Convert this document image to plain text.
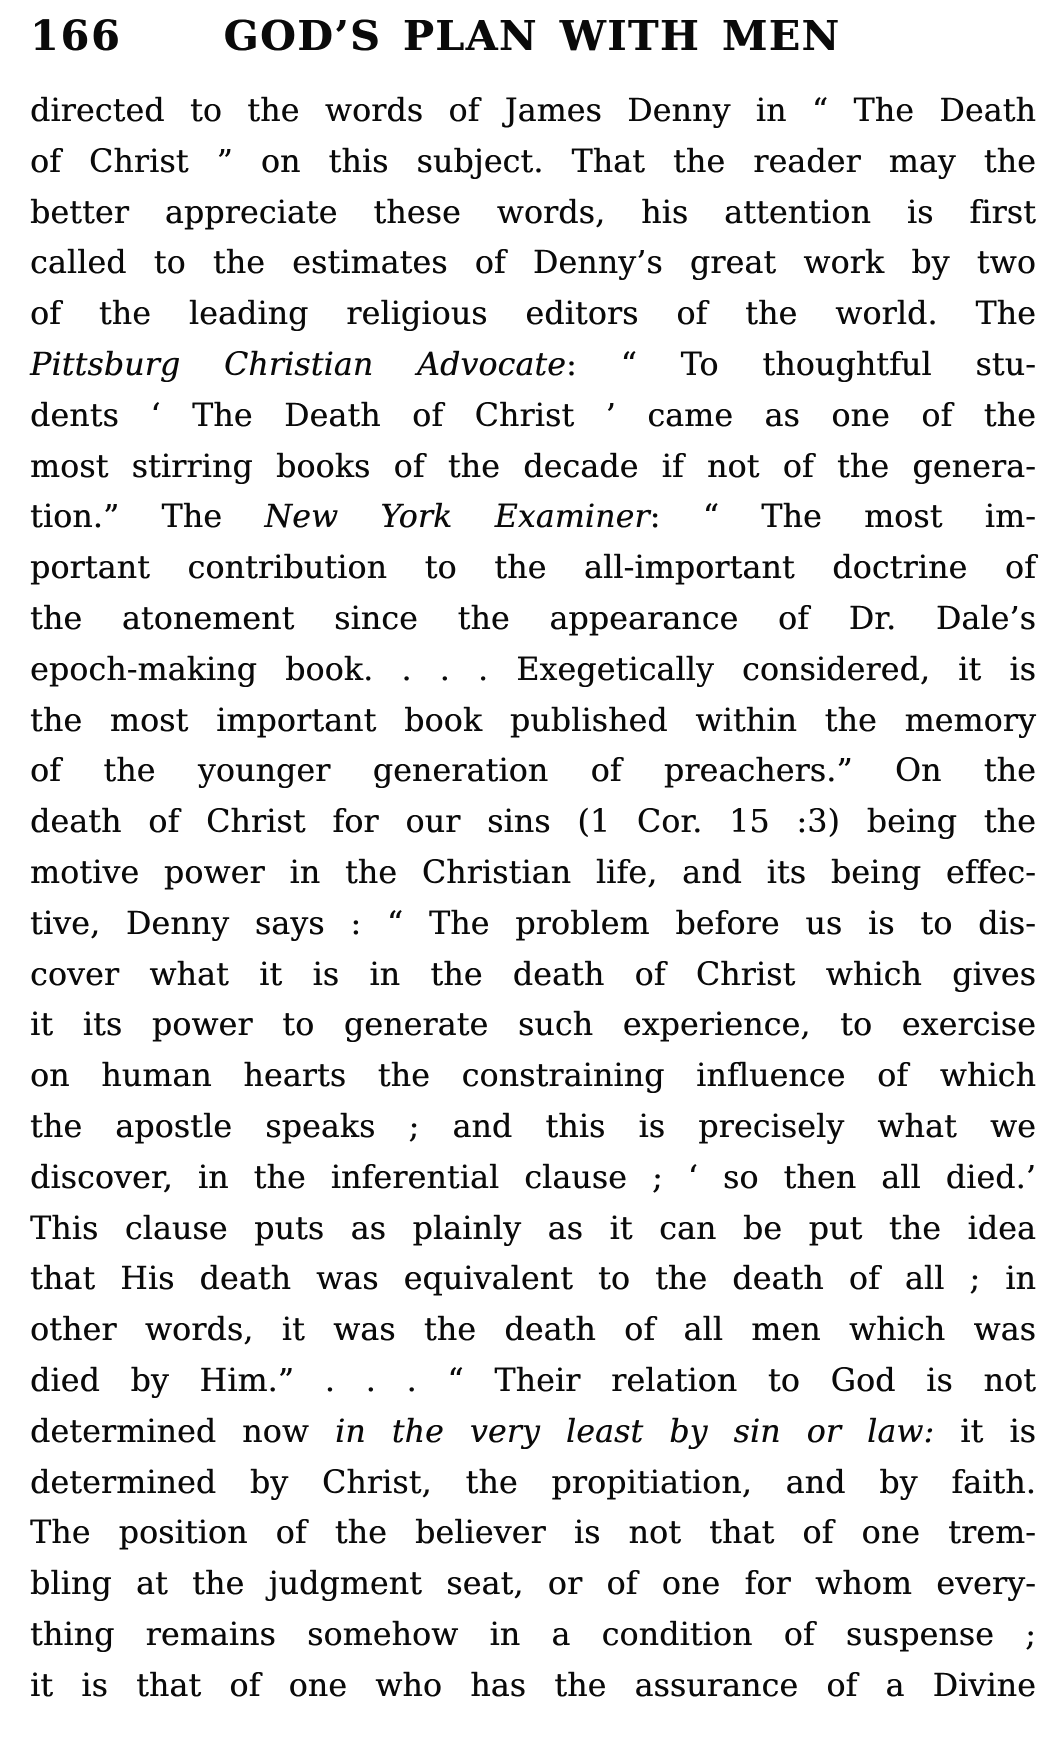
166	GOD’S PLAN WITH MEN
directed to the words of James Denny in “ The Death
of Christ ” on this subject. That the reader may the
better appreciate these words, his attention is first
called to the estimates of Denny’s great work by two
of the leading religious editors of the world. The
Pittsburg Christian Advocate: “ To thoughtful stu-
dents ‘ The Death of Christ ’ came as one of the
most stirring books of the decade if not of the genera-
tion.” The New York Examiner: “ The most im-
portant contribution to the all-important doctrine of
the atonement since the appearance of Dr. Dale’s
epoch-making book. . . . Exegetically considered, it is
the most important book published within the memory
of the younger generation of preachers.” On the
death of Christ for our sins (1 Cor. 15 :3) being the
motive power in the Christian life, and its being effec-
tive, Denny says : “ The problem before us is to dis-
cover what it is in the death of Christ which gives
it its power to generate such experience, to exercise
on human hearts the constraining influence of which
the apostle speaks ; and this is precisely what we
discover, in the inferential clause ; ‘ so then all died.’
This clause puts as plainly as it can be put the idea
that His death was equivalent to the death of all ; in
other words, it was the death of all men which was
died by Him.” . . . “ Their relation to God is not
determined now in the very least by sin or law: it is
determined by Christ, the propitiation, and by faith.
The position of the believer is not that of one trem-
bling at the judgment seat, or of one for whom every-
thing remains somehow in a condition of suspense ;
it is that of one who has the assurance of a Divine
